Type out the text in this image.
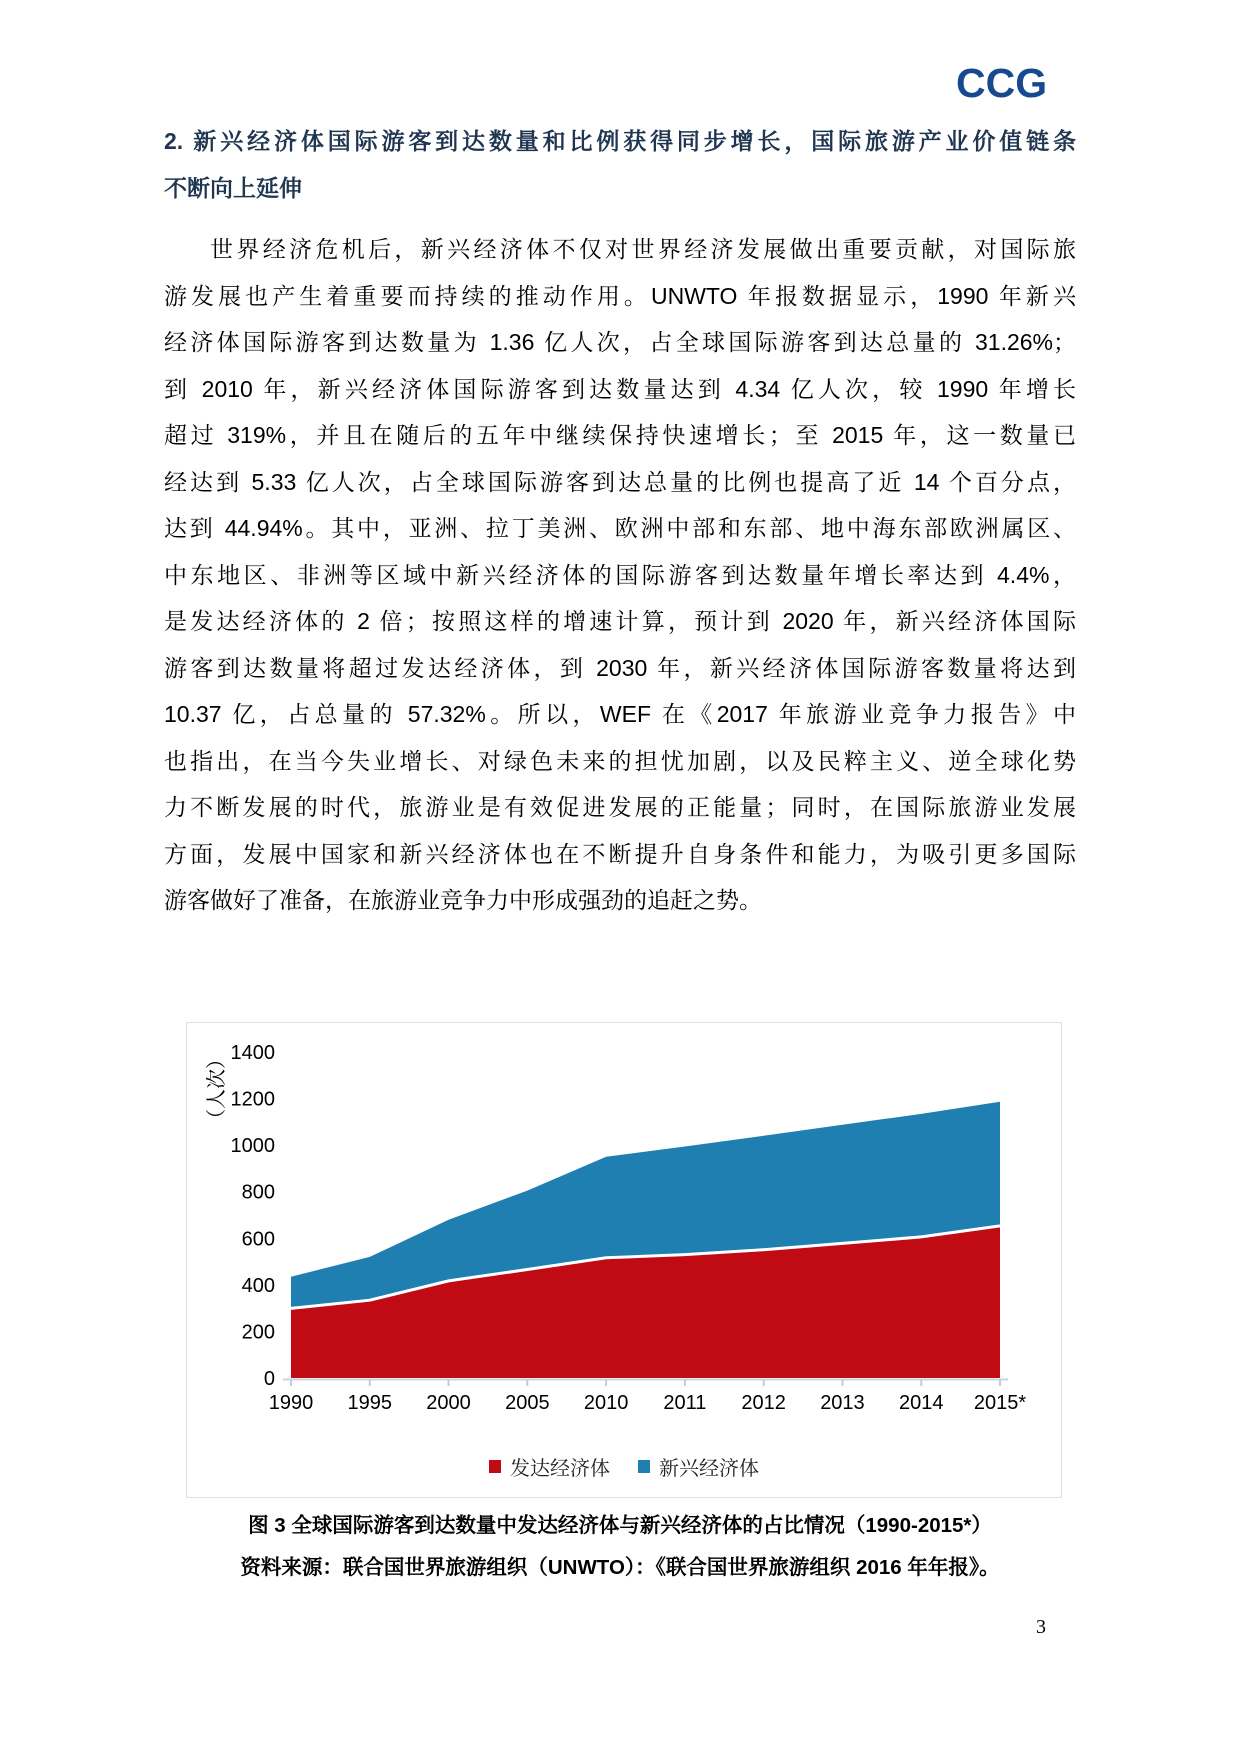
CCG
2. 新兴经济体国际游客到达数量和比例获得同步增长，国际旅游产业价值链条
不断向上延伸
世界经济危机后，新兴经济体不仅对世界经济发展做出重要贡献，对国际旅
游发展也产生着重要而持续的推动作用。UNWTO 年报数据显示，1990 年新兴
经济体国际游客到达数量为 1.36 亿人次，占全球国际游客到达总量的 31.26%；
到 2010 年，新兴经济体国际游客到达数量达到 4.34 亿人次，较 1990 年增长
超过 319%，并且在随后的五年中继续保持快速增长；至 2015 年，这一数量已
经达到 5.33 亿人次，占全球国际游客到达总量的比例也提高了近 14 个百分点，
达到 44.94%。其中，亚洲、拉丁美洲、欧洲中部和东部、地中海东部欧洲属区、
中东地区、非洲等区域中新兴经济体的国际游客到达数量年增长率达到 4.4%，
是发达经济体的 2 倍；按照这样的增速计算，预计到 2020 年，新兴经济体国际
游客到达数量将超过发达经济体，到 2030 年，新兴经济体国际游客数量将达到
10.37 亿，占总量的 57.32%。所以，WEF 在《2017 年旅游业竞争力报告》中
也指出，在当今失业增长、对绿色未来的担忧加剧，以及民粹主义、逆全球化势
力不断发展的时代，旅游业是有效促进发展的正能量；同时，在国际旅游业发展
方面，发展中国家和新兴经济体也在不断提升自身条件和能力，为吸引更多国际
游客做好了准备，在旅游业竞争力中形成强劲的追赶之势。
0
200
400
600
800
1000
1200
1400
1990 1995 2000 2005 2010 2011 2012 2013 2014 2015*
（人次）
发达经济体 新兴经济体
图 3 全球国际游客到达数量中发达经济体与新兴经济体的占比情况（1990-2015*）
资料来源：联合国世界旅游组织（UNWTO）：《联合国世界旅游组织 2016 年年报》。
3
